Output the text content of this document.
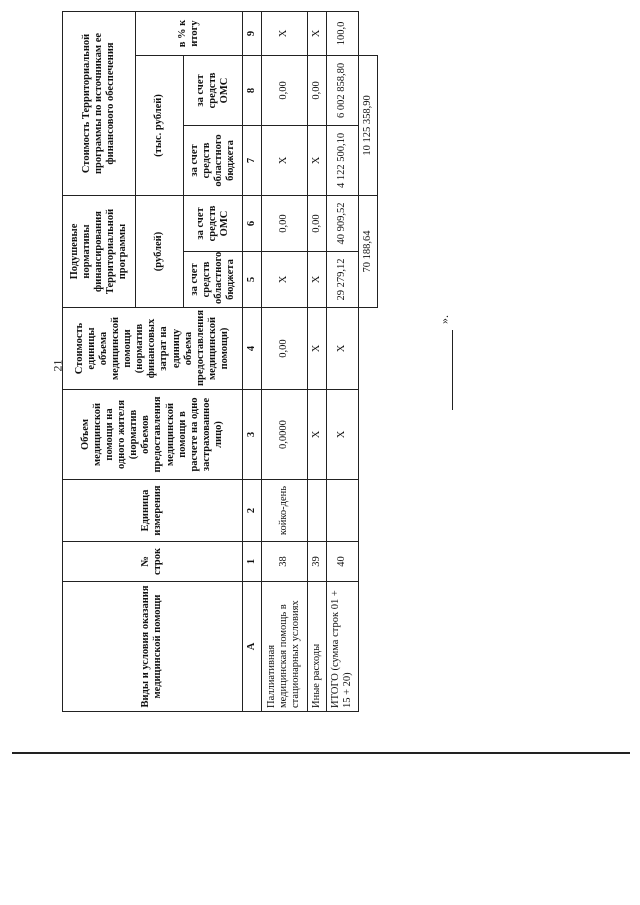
21
Виды и условия оказания медицинской помощи	№ строк	Единица измерения	Объем медицинской помощи на одного жителя (норматив объемов предоставления медицинской помощи в расчете на одно застрахованное лицо)	Стоимость единицы объема медицинской помощи (норматив финансовых затрат на единицу объема предоставления медицинской помощи)	Подушевые нормативы финансирования Территориальной программы		Стоимость Территориальной программы по источникам ее финансового обеспечения		
					(рублей)		(тыс. рублей)		в % к итогу
					за счет средств областного бюджета	за счет средств ОМС	за счет средств областного бюджета	за счет средств ОМС	
А	1	2	3	4	5	6	7	8	9
Паллиативная медицинская помощь в стационарных условиях	38	койко-день	0,0000	0,00	Х	0,00	Х	0,00	Х
Иные расходы	39		Х	Х	Х	0,00	Х	0,00	Х
ИТОГО (сумма строк 01 + 15 + 20)	40		Х	Х	29 279,12	40 909,52	4 122 500,10	6 002 858,80	100,0
					70 188,64		10 125 358,90		
».
